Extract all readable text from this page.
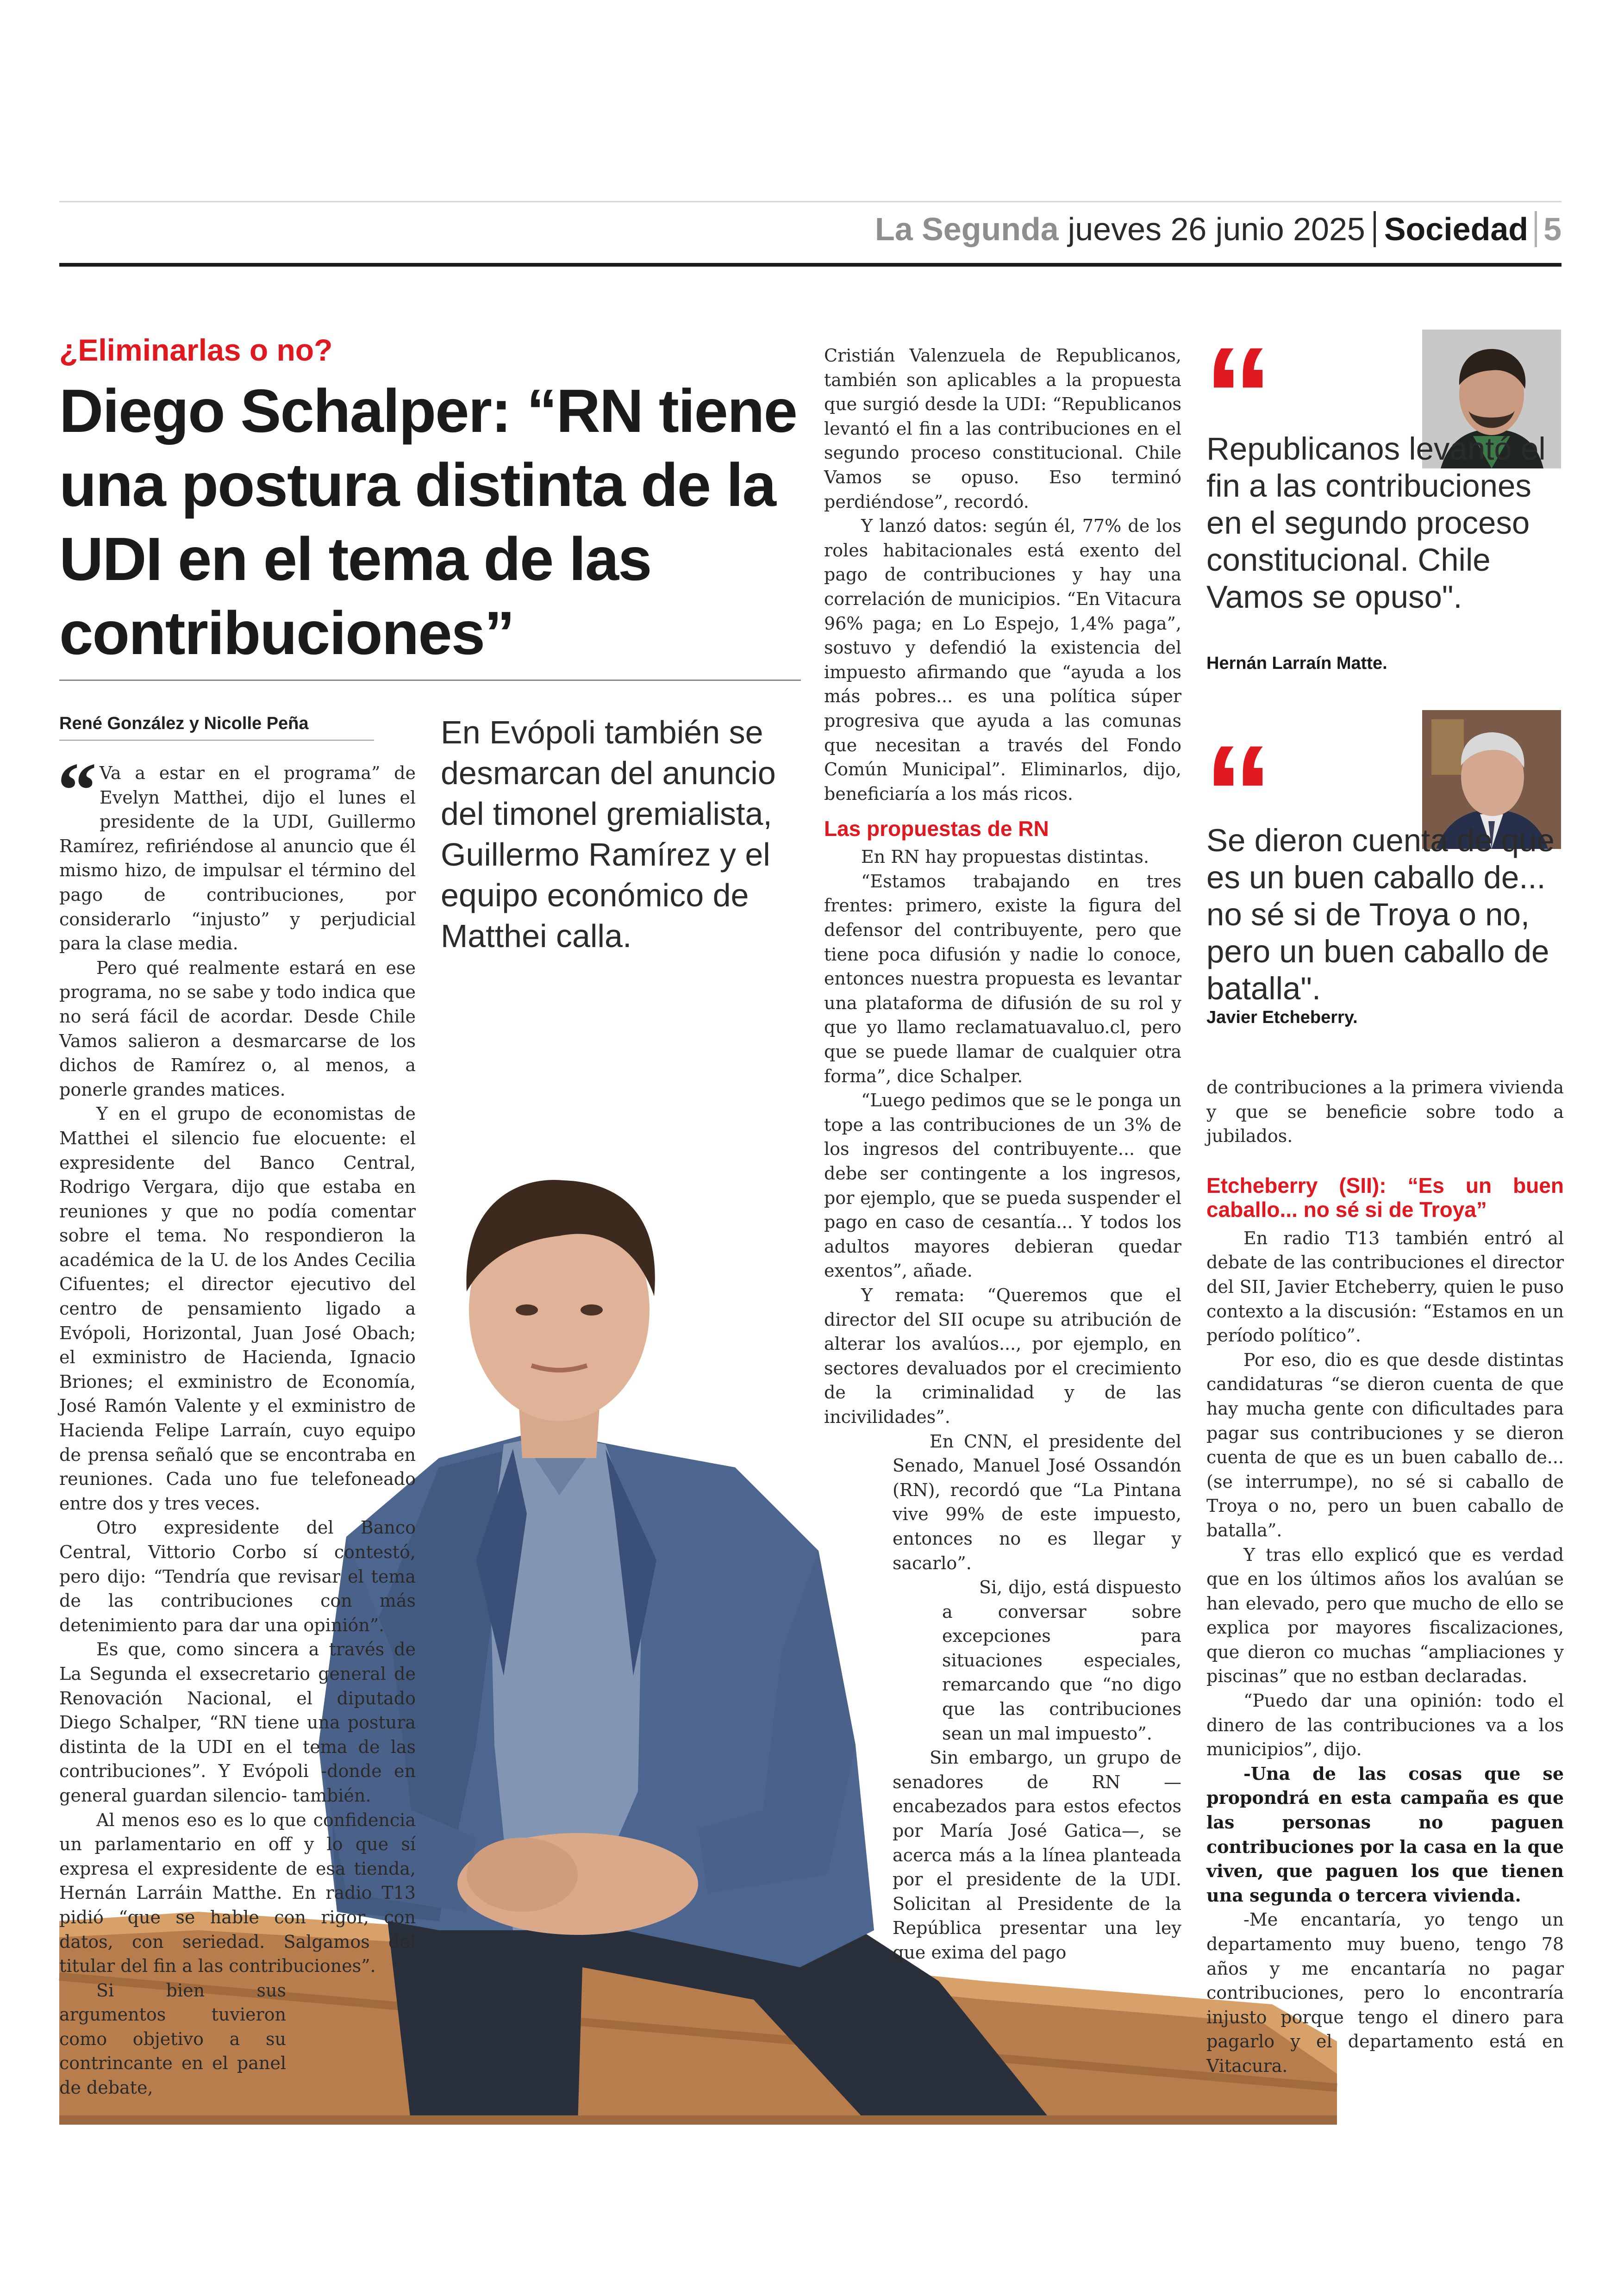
La Segunda jueves 26 junio 2025 Sociedad 5
¿Eliminarlas o no?
Diego Schalper: “RN tiene una postura distinta de la UDI en el tema de las contribuciones”
René González y Nicolle Peña	En Evópoli también se desmarcan del anuncio del timonel gremialista, Guillermo Ramírez y el equipo económico de Matthei calla.

“ Va a estar en el programa” de Evelyn Matthei, dijo el lunes el presidente de la UDI, Guillermo Ramírez, refiriéndose al anuncio que él mismo hizo, de impulsar el término del pago de contribuciones, por considerarlo “injusto” y perjudicial para la clase media.

Pero qué realmente estará en ese programa, no se sabe y todo indica que no será fácil de acordar. Desde Chile Vamos salieron a desmarcarse de los dichos de Ramírez o, al menos, a ponerle grandes matices.

Y en el grupo de economistas de Matthei el silencio fue elocuente: el expresidente del Banco Central, Rodrigo Vergara, dijo que estaba en reuniones y que no podía comentar sobre el tema. No respondieron la académica de la U. de los Andes Cecilia Cifuentes; el director ejecutivo del centro de pensamiento ligado a Evópoli, Horizontal, Juan José Obach; el exministro de Hacienda, Ignacio Briones; el exministro de Economía, José Ramón Valente y el exministro de Hacienda Felipe Larraín, cuyo equipo de prensa señaló que se encontraba en reuniones. Cada uno fue telefoneado entre dos y tres veces.

Otro expresidente del Banco Central, Vittorio Corbo sí contestó, pero dijo: “Tendría que revisar el tema de las contribuciones con más detenimiento para dar una opinión”.

Es que, como sincera a través de La Segunda el exsecretario general de Renovación Nacional, el diputado Diego Schalper, “RN tiene una postura distinta de la UDI en el tema de las contribuciones”. Y Evópoli -donde en general guardan silencio- también.

Al menos eso es lo que confidencia un parlamentario en off y lo que sí expresa el expresidente de esa tienda, Hernán Larráin Matthe. En radio T13 pidió “que se hable con rigor, con datos, con seriedad. Salgamos del titular del fin a las contribuciones”.

Si bien sus argumentos tuvieron como objetivo a su contrincante en el panel de debate,

Cristián Valenzuela de Republicanos, también son aplicables a la propuesta que surgió desde la UDI: “Republicanos levantó el fin a las contribuciones en el segundo proceso constitucional. Chile Vamos se opuso. Eso terminó perdiéndose”, recordó.

Y lanzó datos: según él, 77% de los roles habitacionales está exento del pago de contribuciones y hay una correlación de municipios. “En Vitacura 96% paga; en Lo Espejo, 1,4% paga”, sostuvo y defendió la existencia del impuesto afirmando que “ayuda a los más pobres... es una política súper progresiva que ayuda a las comunas que necesitan a través del Fondo Común Municipal”. Eliminarlos, dijo, beneficiaría a los más ricos.

Las propuestas de RN

En RN hay propuestas distintas.

“Estamos trabajando en tres frentes: primero, existe la figura del defensor del contribuyente, pero que tiene poca difusión y nadie lo conoce, entonces nuestra propuesta es levantar una plataforma de difusión de su rol y que yo llamo reclamatuavaluo.cl, pero que se puede llamar de cualquier otra forma”, dice Schalper.

“Luego pedimos que se le ponga un tope a las contribuciones de un 3% de los ingresos del contribuyente... que debe ser contingente a los ingresos, por ejemplo, que se pueda suspender el pago en caso de cesantía... Y todos los adultos mayores debieran quedar exentos”, añade.

Y remata: “Queremos que el director del SII ocupe su atribución de alterar los avalúos..., por ejemplo, en sectores devaluados por el crecimiento de la criminalidad y de las incivilidades”.

En CNN, el presidente del Senado, Manuel José Ossandón (RN), recordó que “La Pintana vive 99% de este impuesto, entonces no es llegar y sacarlo”.

Si, dijo, está dispuesto a conversar sobre excepciones para situaciones especiales, remarcando que “no digo que las contribuciones sean un mal impuesto”.

Sin embargo, un grupo de senadores de RN —encabezados para estos efectos por María José Gatica—, se acerca más a la línea planteada por el presidente de la UDI. Solicitan al Presidente de la República presentar una ley que exima del pago

“
Republicanos levantó el fin a las contribuciones en el segundo proceso constitucional. Chile Vamos se opuso".
Hernán Larraín Matte.
“
Se dieron cuenta de que es un buen caballo de... no sé si de Troya o no, pero un buen caballo de batalla".
Javier Etcheberry.

de contribuciones a la primera vivienda y que se beneficie sobre todo a jubilados.

Etcheberry (SII): “Es un buen caballo... no sé si de Troya”

En radio T13 también entró al debate de las contribuciones el director del SII, Javier Etcheberry, quien le puso contexto a la discusión: “Estamos en un período político”.

Por eso, dio es que desde distintas candidaturas “se dieron cuenta de que hay mucha gente con dificultades para pagar sus contribuciones y se dieron cuenta de que es un buen caballo de... (se interrumpe), no sé si caballo de Troya o no, pero un buen caballo de batalla”.

Y tras ello explicó que es verdad que en los últimos años los avalúan se han elevado, pero que mucho de ello se explica por mayores fiscalizaciones, que dieron co muchas “ampliaciones y piscinas” que no estban declaradas.

“Puedo dar una opinión: todo el dinero de las contribuciones va a los municipios”, dijo.

-Una de las cosas que se propondrá en esta campaña es que las personas no paguen contribuciones por la casa en la que viven, que paguen los que tienen una segunda o tercera vivienda.

-Me encantaría, yo tengo un departamento muy bueno, tengo 78 años y me encantaría no pagar contribuciones, pero lo encontraría injusto porque tengo el dinero para pagarlo y el departamento está en Vitacura.
